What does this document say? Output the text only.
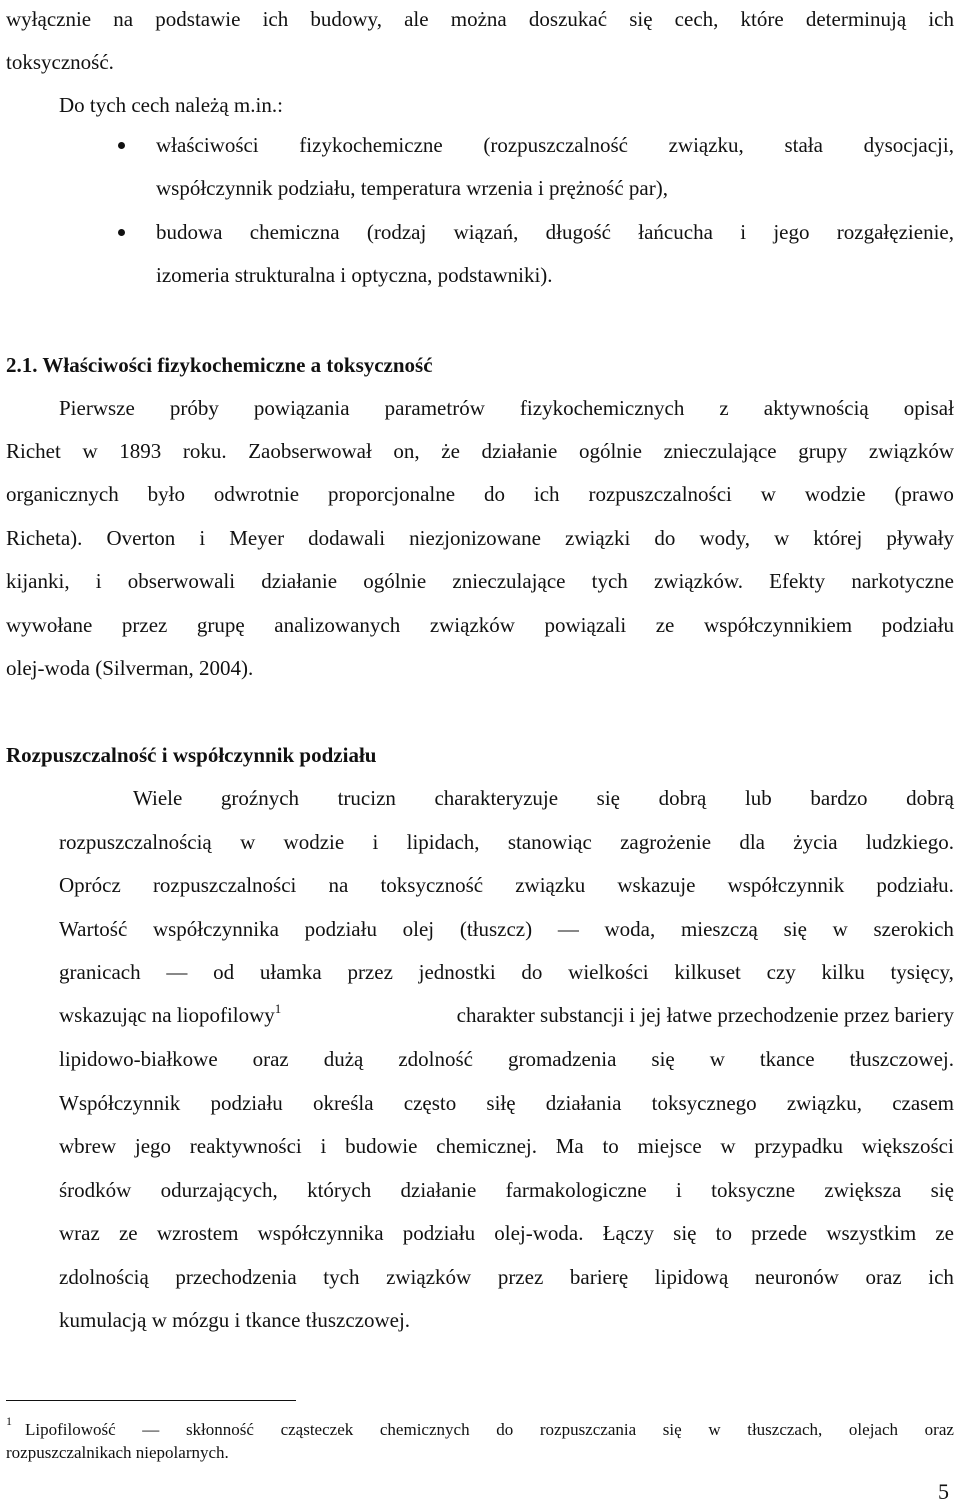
wyłącznie na podstawie ich budowy, ale można doszukać się cech, które determinują ich
toksyczność.
Do tych cech należą m.in.:
właściwości fizykochemiczne (rozpuszczalność związku, stała dysocjacji,
współczynnik podziału, temperatura wrzenia i prężność par),
budowa chemiczna (rodzaj wiązań, długość łańcucha i jego rozgałęzienie,
izomeria strukturalna i optyczna, podstawniki).
2.1. Właściwości fizykochemiczne a toksyczność
Pierwsze próby powiązania parametrów fizykochemicznych z aktywnością opisał
Richet w 1893 roku. Zaobserwował on, że działanie ogólnie znieczulające grupy związków
organicznych było odwrotnie proporcjonalne do ich rozpuszczalności w wodzie (prawo
Richeta). Overton i Meyer dodawali niezjonizowane związki do wody, w której pływały
kijanki, i obserwowali działanie ogólnie znieczulające tych związków. Efekty narkotyczne
wywołane przez grupę analizowanych związków powiązali ze współczynnikiem podziału
olej-woda (Silverman, 2004).
Rozpuszczalność i współczynnik podziału
Wiele groźnych trucizn charakteryzuje się dobrą lub bardzo dobrą
rozpuszczalnością w wodzie i lipidach, stanowiąc zagrożenie dla życia ludzkiego.
Oprócz rozpuszczalności na toksyczność związku wskazuje współczynnik podziału.
Wartość współczynnika podziału olej (tłuszcz) — woda, mieszczą się w szerokich
granicach — od ułamka przez jednostki do wielkości kilkuset czy kilku tysięcy,
wskazując na liopofilowy$^1$	charakter substancji i jej łatwe przechodzenie przez bariery
lipidowo-białkowe oraz dużą zdolność gromadzenia się w tkance tłuszczowej.
Współczynnik podziału określa często siłę działania toksycznego związku, czasem
wbrew jego reaktywności i budowie chemicznej. Ma to miejsce w przypadku większości
środków odurzających, których działanie farmakologiczne i toksyczne zwiększa się
wraz ze wzrostem współczynnika podziału olej-woda. Łączy się to przede wszystkim ze
zdolnością przechodzenia tych związków przez barierę lipidową neuronów oraz ich
kumulacją w mózgu i tkance tłuszczowej.
1 Lipofilowość — skłonność cząsteczek chemicznych do rozpuszczania się w tłuszczach, olejach oraz
rozpuszczalnikach niepolarnych.
5
